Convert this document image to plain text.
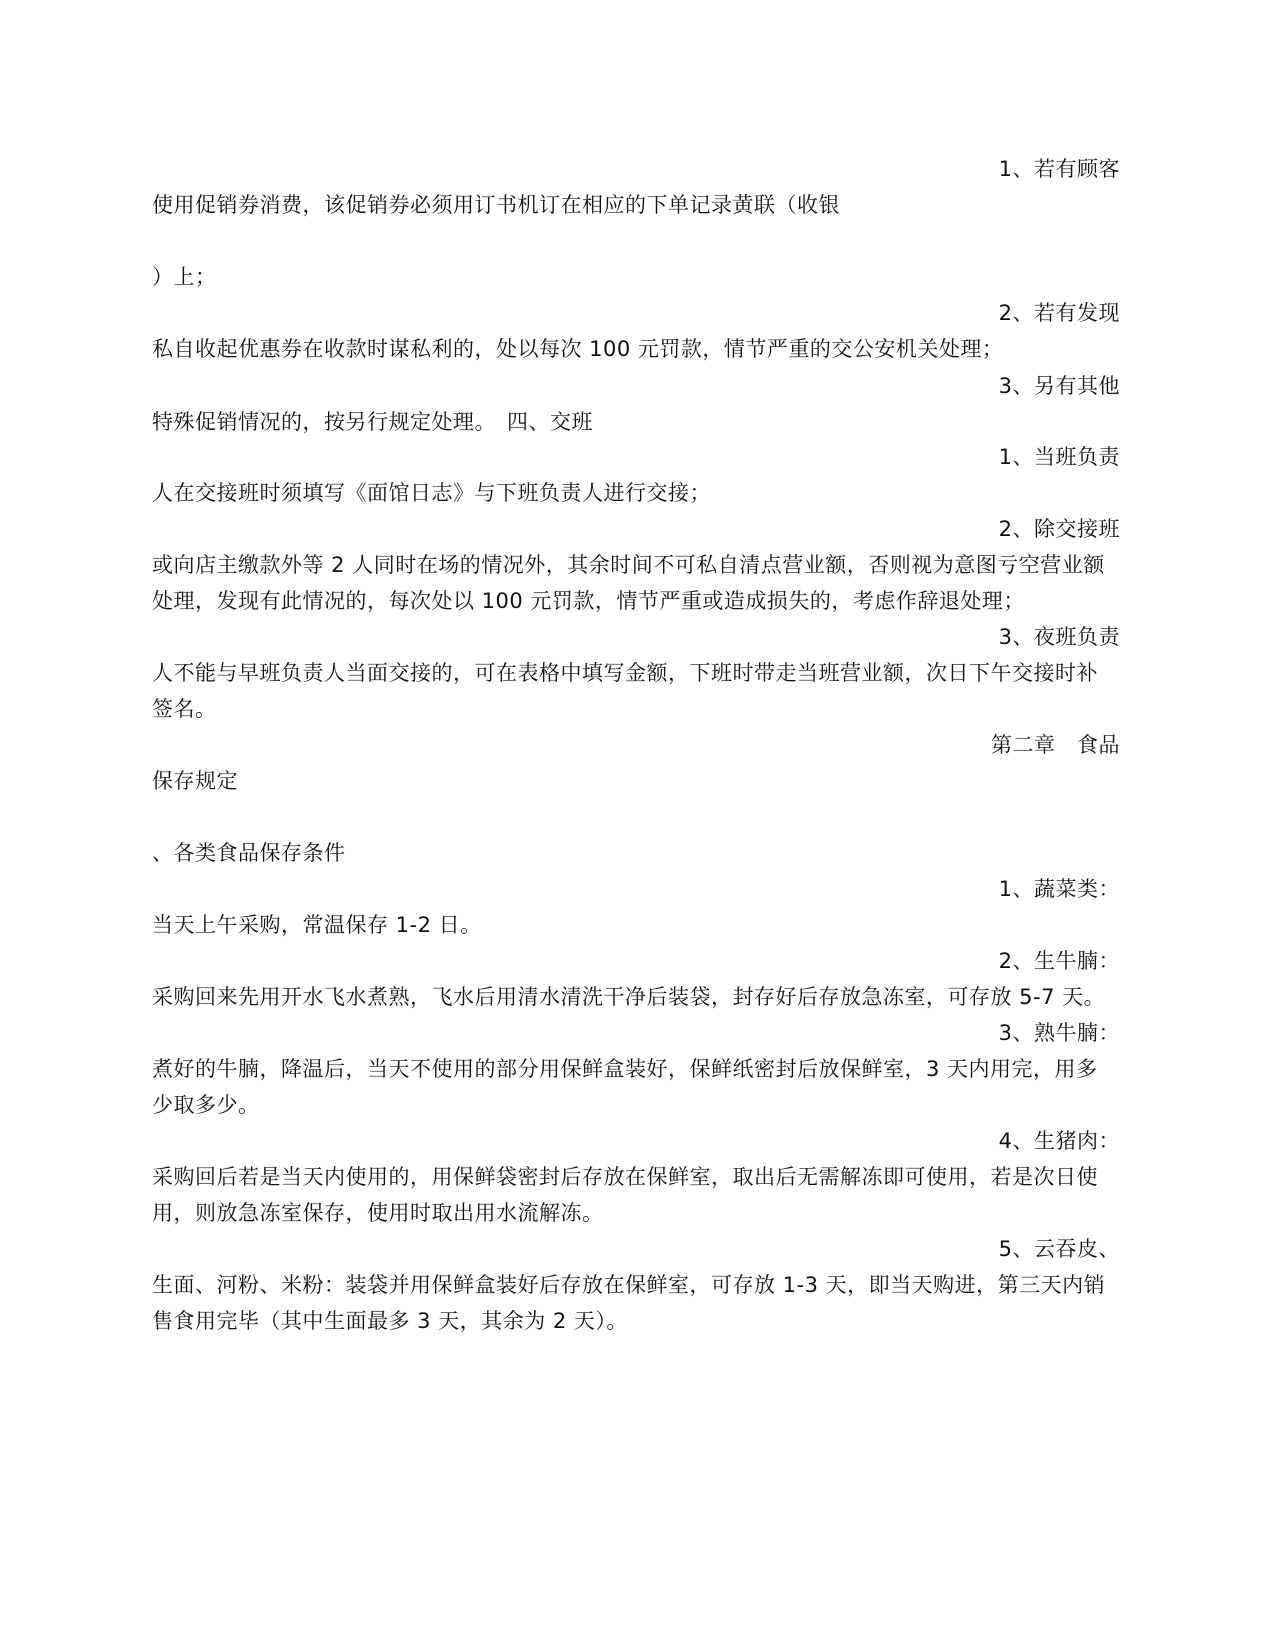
1、若有顾客
使用促销券消费，该促销券必须用订书机订在相应的下单记录黄联（收银
）上；
2、若有发现
私自收起优惠券在收款时谋私利的，处以每次 100 元罚款，情节严重的交公安机关处理；
3、另有其他
特殊促销情况的，按另行规定处理。　四、交班
1、当班负责
人在交接班时须填写《面馆日志》与下班负责人进行交接；
2、除交接班
或向店主缴款外等 2 人同时在场的情况外，其余时间不可私自清点营业额，否则视为意图亏空营业额
处理，发现有此情况的，每次处以 100 元罚款，情节严重或造成损失的，考虑作辞退处理；
3、夜班负责
人不能与早班负责人当面交接的，可在表格中填写金额，下班时带走当班营业额，次日下午交接时补
签名。
第二章　食品
保存规定
、各类食品保存条件
1、蔬菜类：
当天上午采购，常温保存 1-2 日。
2、生牛腩：
采购回来先用开水飞水煮熟，飞水后用清水清洗干净后装袋，封存好后存放急冻室，可存放 5-7 天。
3、熟牛腩：
煮好的牛腩，降温后，当天不使用的部分用保鲜盒装好，保鲜纸密封后放保鲜室，3 天内用完，用多
少取多少。
4、生猪肉：
采购回后若是当天内使用的，用保鲜袋密封后存放在保鲜室，取出后无需解冻即可使用，若是次日使
用，则放急冻室保存，使用时取出用水流解冻。
5、云吞皮、
生面、河粉、米粉：装袋并用保鲜盒装好后存放在保鲜室，可存放 1-3 天，即当天购进，第三天内销
售食用完毕（其中生面最多 3 天，其余为 2 天）。
